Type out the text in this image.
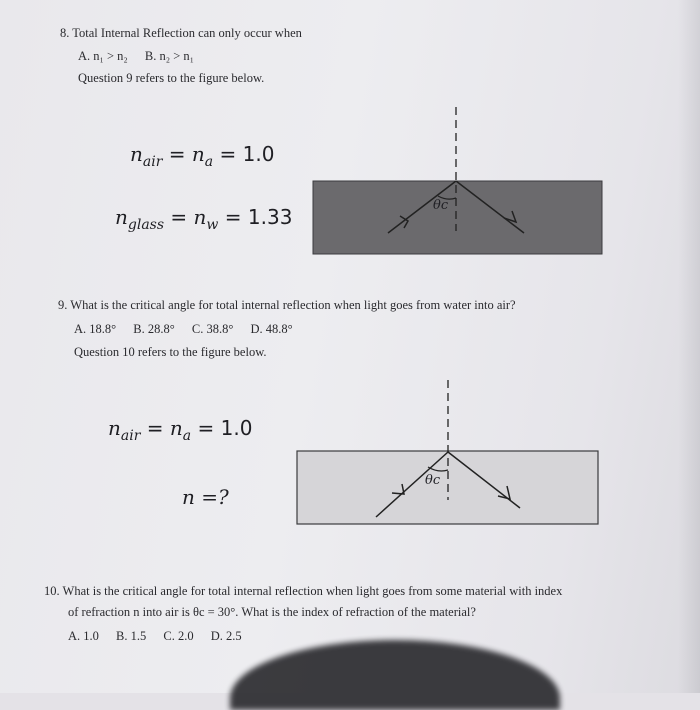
8. Total Internal Reflection can only occur when
A. n₁ > n₂ B. n₂ > n₁
Question 9 refers to the figure below.
$n_{air} = n_a = 1.0$
$n_{glass} = n_w = 1.33$	θc
θc
9. What is the critical angle for total internal reflection when light goes from water into air?
A. 18.8° B. 28.8° C. 38.8° D. 48.8°
Question 10 refers to the figure below.
$n_{air} = n_a = 1.0$
n =?
10. What is the critical angle for total internal reflection when light goes from some material with index
of refraction n into air is θc = 30°. What is the index of refraction of the material?
A. 1.0 B. 1.5 C. 2.0 D. 2.5
